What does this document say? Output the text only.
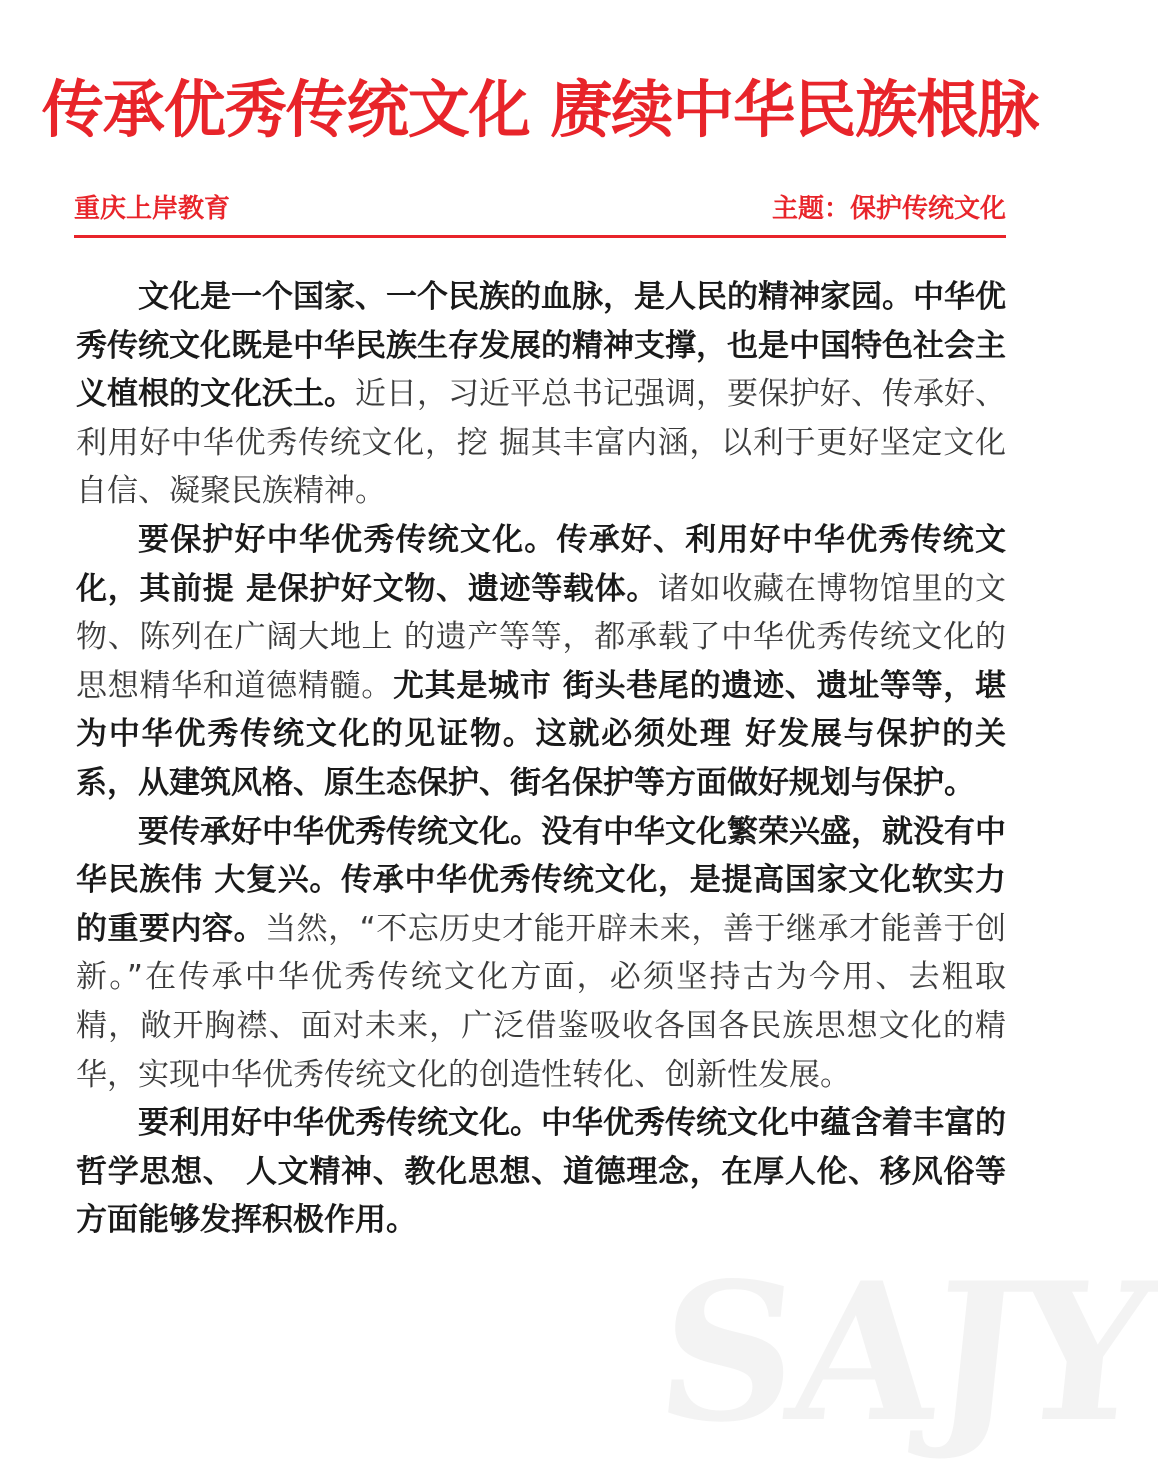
传承优秀传统文化 赓续中华民族根脉
重庆上岸教育	主题：保护传统文化
SAJY

文化是一个国家、一个民族的血脉，是人民的精神家园。中华优秀传统文化既是中华民族生存发展的精神支撑，也是中国特色社会主义植根的文化沃土。近日，习近平总书记强调，要保护好、传承好、利用好中华优秀传统文化，挖 掘其丰富内涵，以利于更好坚定文化自信、凝聚民族精神。

要保护好中华优秀传统文化。传承好、利用好中华优秀传统文化，其前提 是保护好文物、遗迹等载体。诸如收藏在博物馆里的文物、陈列在广阔大地上 的遗产等等，都承载了中华优秀传统文化的思想精华和道德精髓。尤其是城市 街头巷尾的遗迹、遗址等等，堪为中华优秀传统文化的见证物。这就必须处理 好发展与保护的关系，从建筑风格、原生态保护、街名保护等方面做好规划与保护。

要传承好中华优秀传统文化。没有中华文化繁荣兴盛，就没有中华民族伟 大复兴。传承中华优秀传统文化，是提高国家文化软实力的重要内容。当然，“不忘历史才能开辟未来，善于继承才能善于创新。”在传承中华优秀传统文化方面，必须坚持古为今用、去粗取精，敞开胸襟、面对未来，广泛借鉴吸收各国各民族思想文化的精华，实现中华优秀传统文化的创造性转化、创新性发展。

要利用好中华优秀传统文化。中华优秀传统文化中蕴含着丰富的哲学思想、 人文精神、教化思想、道德理念，在厚人伦、移风俗等方面能够发挥积极作用。
